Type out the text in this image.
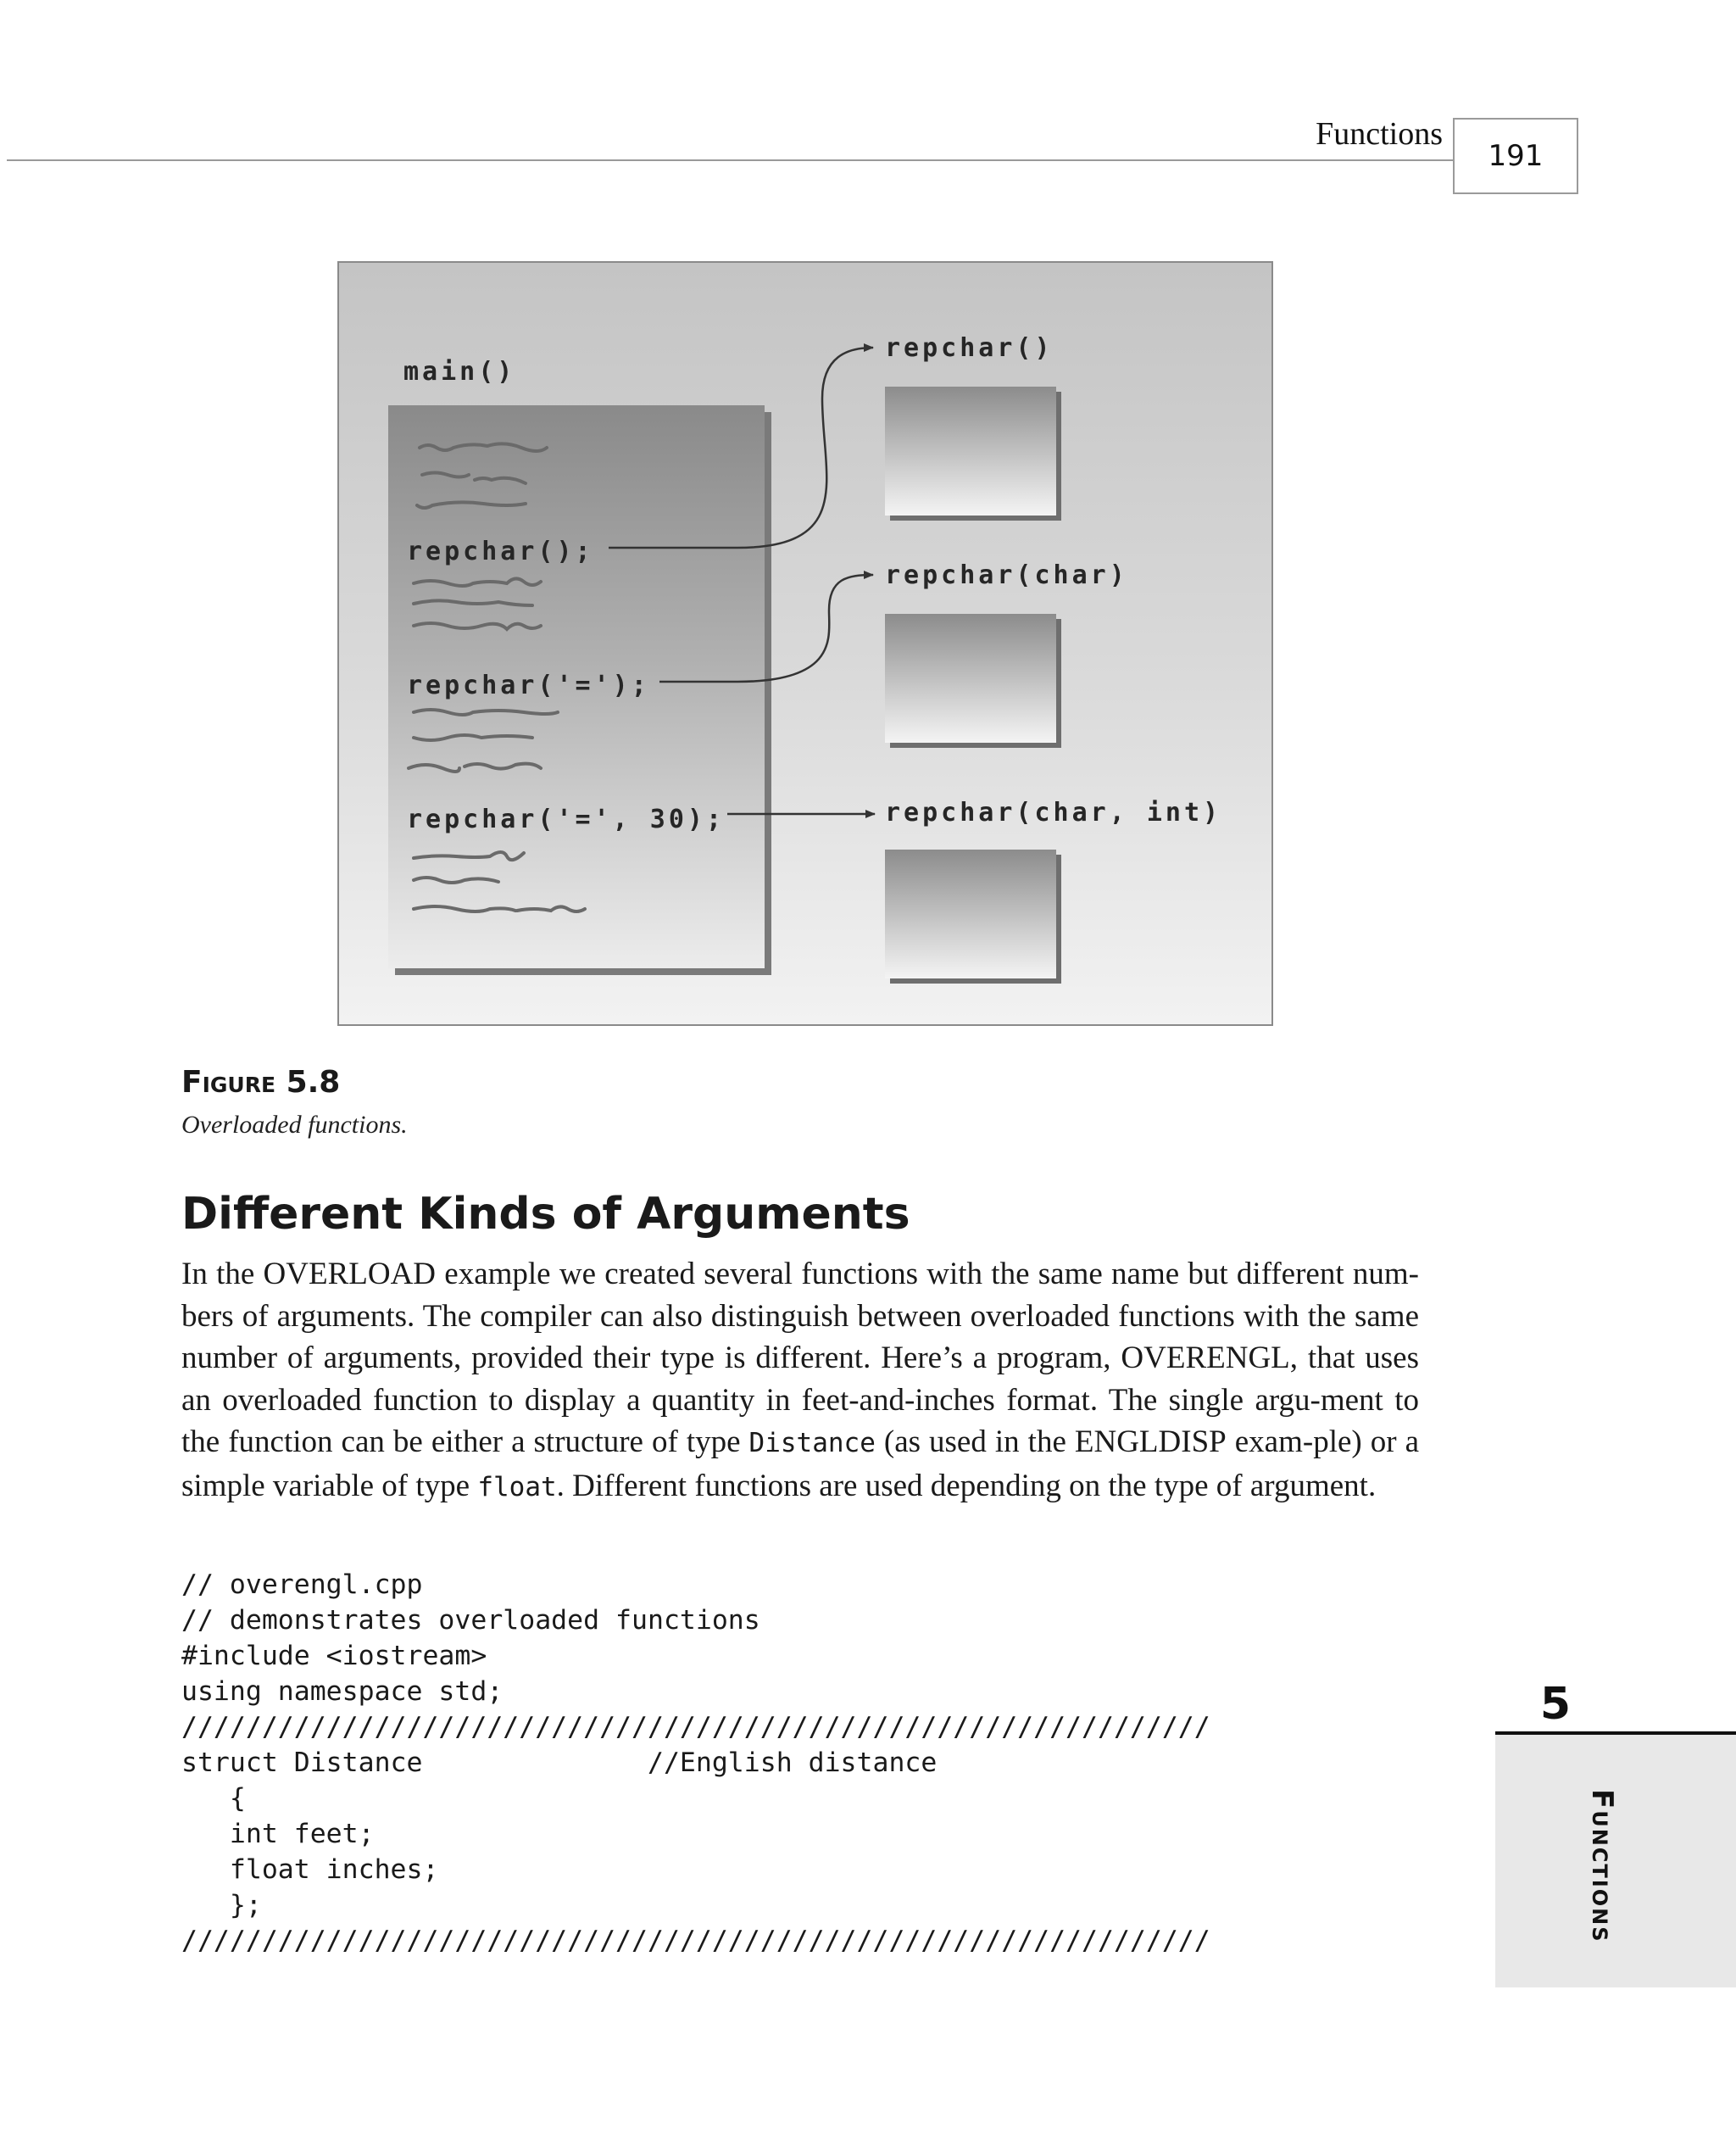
Functions
191
main()
repchar();
repchar('=');
repchar('=', 30);
repchar()
repchar(char)
repchar(char, int)
Figure 5.8
Overloaded functions.
Different Kinds of Arguments
In the OVERLOAD example we created several functions with the same name but different num-bers of arguments. The compiler can also distinguish between overloaded functions with the same number of arguments, provided their type is different. Here’s a program, OVERENGL, that uses an overloaded function to display a quantity in feet-and-inches format. The single argu-ment to the function can be either a structure of type Distance (as used in the ENGLDISP exam-ple) or a simple variable of type float. Different functions are used depending on the type of argument.
// overengl.cpp
// demonstrates overloaded functions
#include <iostream>
using namespace std;
////////////////////////////////////////////////////////////////
struct Distance              //English distance
{
int feet;
float inches;
};
////////////////////////////////////////////////////////////////
5
Functions
